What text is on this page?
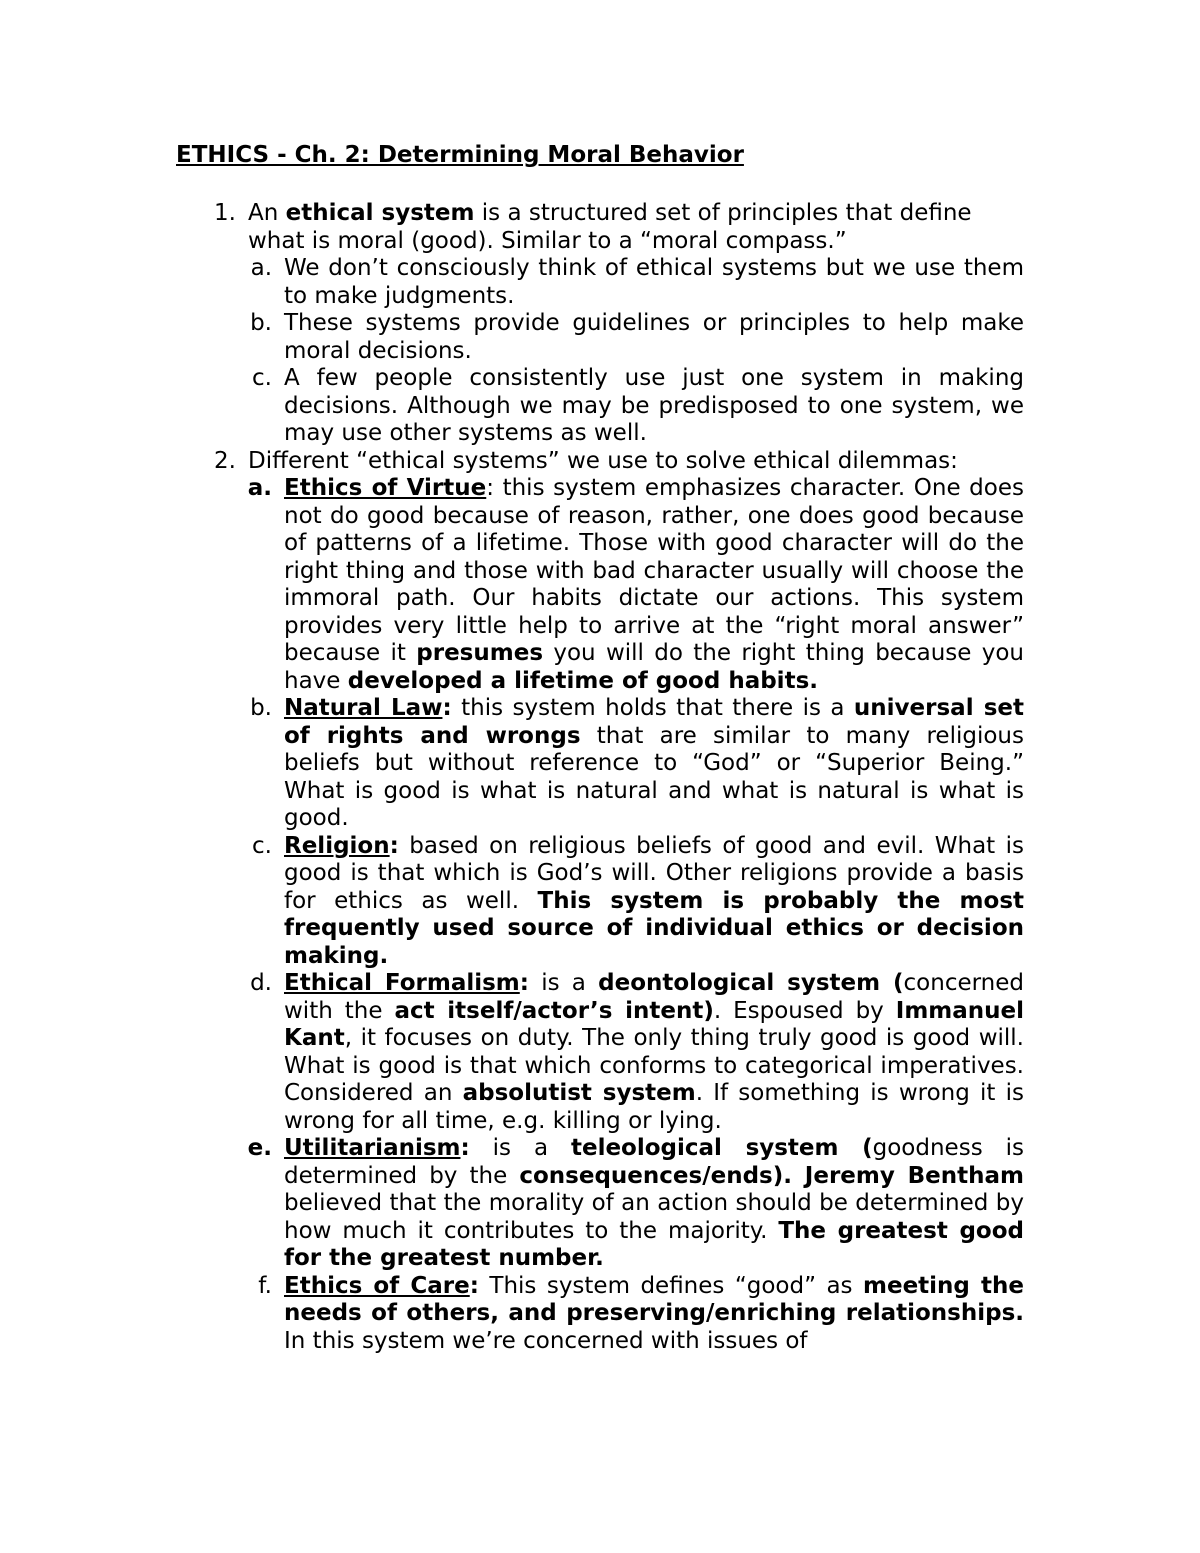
ETHICS - Ch. 2: Determining Moral Behavior
1. An ethical system is a structured set of principles that define what is moral (good). Similar to a “moral compass.”
a. We don’t consciously think of ethical systems but we use them to make judgments.
b. These systems provide guidelines or principles to help make moral decisions.
c. A few people consistently use just one system in making decisions. Although we may be predisposed to one system, we may use other systems as well.
2. Different “ethical systems” we use to solve ethical dilemmas:
a. Ethics of Virtue: this system emphasizes character. One does not do good because of reason, rather, one does good because of patterns of a lifetime. Those with good character will do the right thing and those with bad character usually will choose the immoral path. Our habits dictate our actions. This system provides very little help to arrive at the “right moral answer” because it presumes you will do the right thing because you have developed a lifetime of good habits.
b. Natural Law: this system holds that there is a universal set of rights and wrongs that are similar to many religious beliefs but without reference to “God” or “Superior Being.” What is good is what is natural and what is natural is what is good.
c. Religion: based on religious beliefs of good and evil. What is good is that which is God’s will. Other religions provide a basis for ethics as well. This system is probably the most frequently used source of individual ethics or decision making.
d. Ethical Formalism: is a deontological system (concerned with the act itself/actor’s intent). Espoused by Immanuel Kant, it focuses on duty. The only thing truly good is good will. What is good is that which conforms to categorical imperatives. Considered an absolutist system. If something is wrong it is wrong for all time, e.g. killing or lying.
e. Utilitarianism: is a teleological system (goodness is determined by the consequences/ends). Jeremy Bentham believed that the morality of an action should be determined by how much it contributes to the majority. The greatest good for the greatest number.
f. Ethics of Care: This system defines “good” as meeting the needs of others, and preserving/enriching relationships. In this system we’re concerned with issues of
